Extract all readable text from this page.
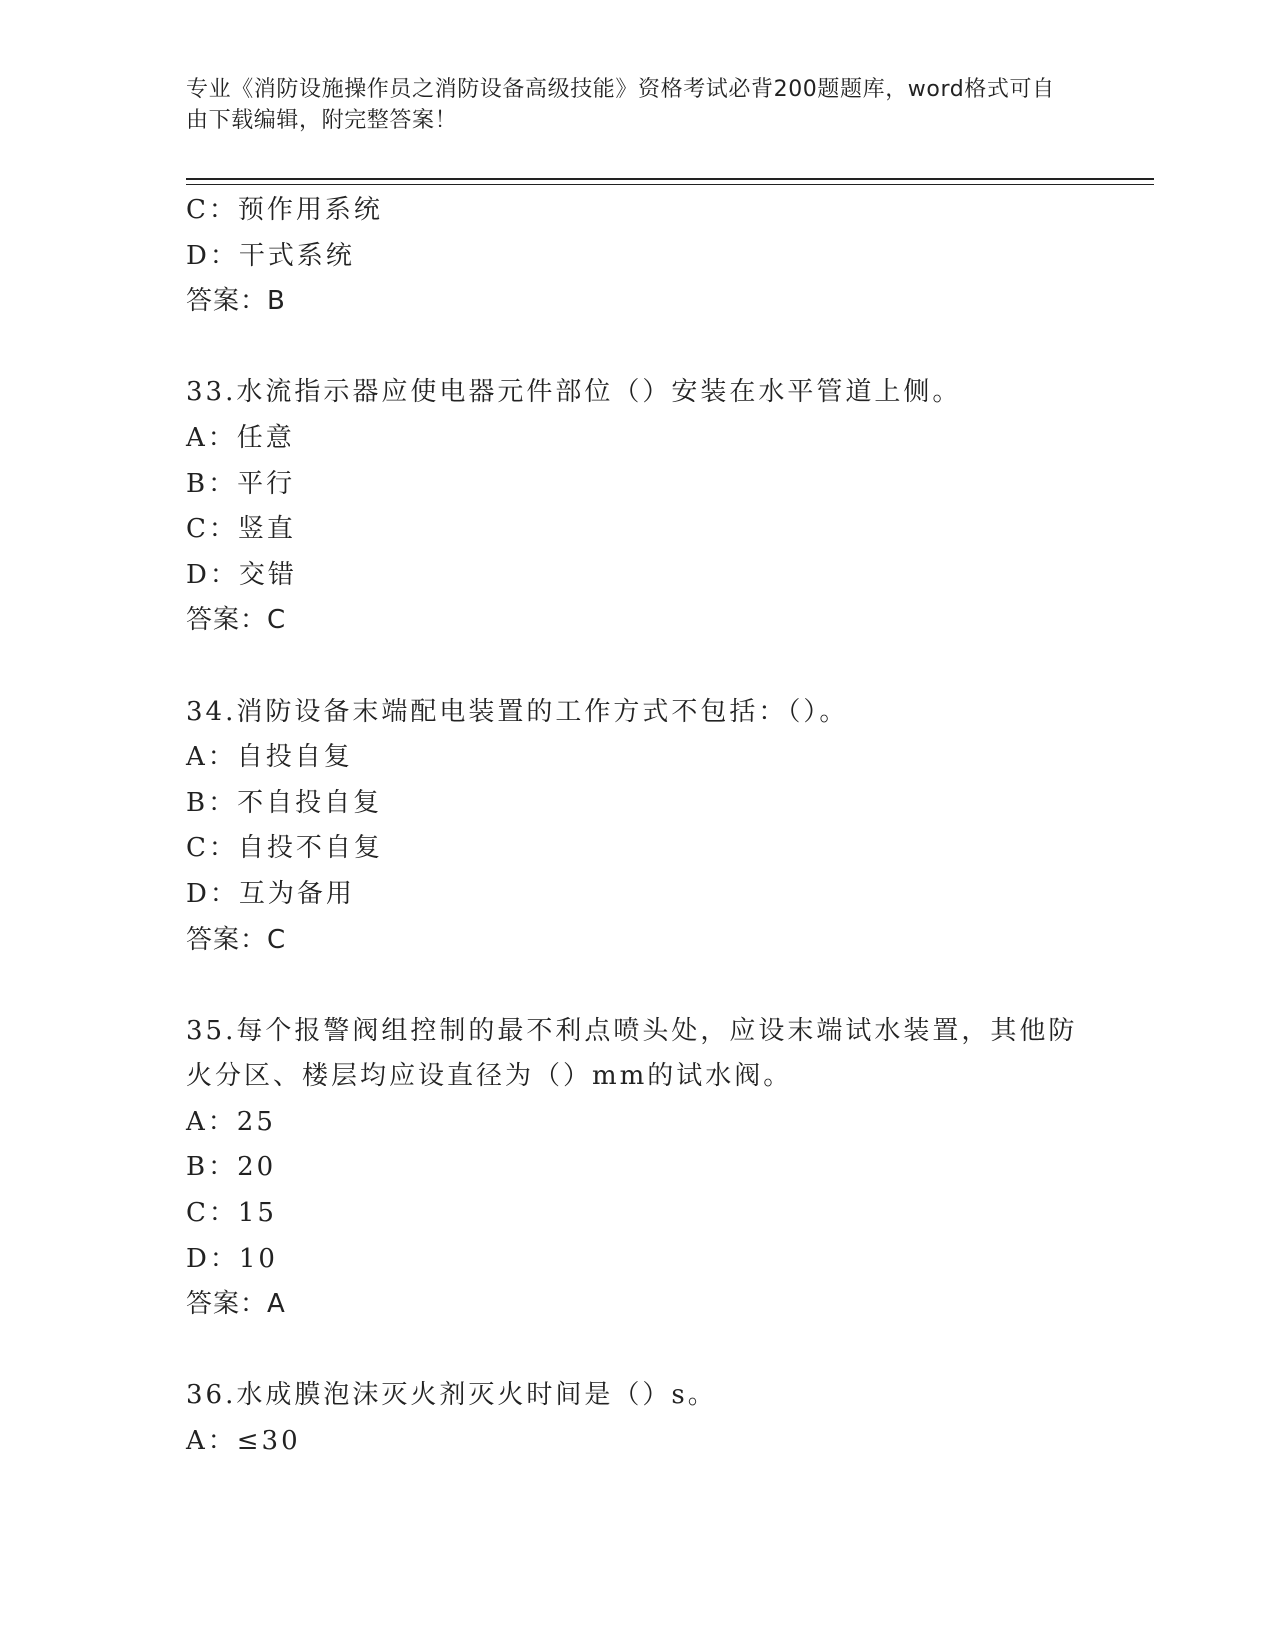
专业《消防设施操作员之消防设备高级技能》资格考试必背200题题库，word格式可自由下载编辑，附完整答案！
C：预作用系统
D：干式系统
答案：B
33.水流指示器应使电器元件部位（）安装在水平管道上侧。
A：任意
B：平行
C：竖直
D：交错
答案：C
34.消防设备末端配电装置的工作方式不包括：（）。
A：自投自复
B：不自投自复
C：自投不自复
D：互为备用
答案：C
35.每个报警阀组控制的最不利点喷头处，应设末端试水装置，其他防火分区、楼层均应设直径为（）mm的试水阀。
A：25
B：20
C：15
D：10
答案：A
36.水成膜泡沫灭火剂灭火时间是（）s。
A：≤30
